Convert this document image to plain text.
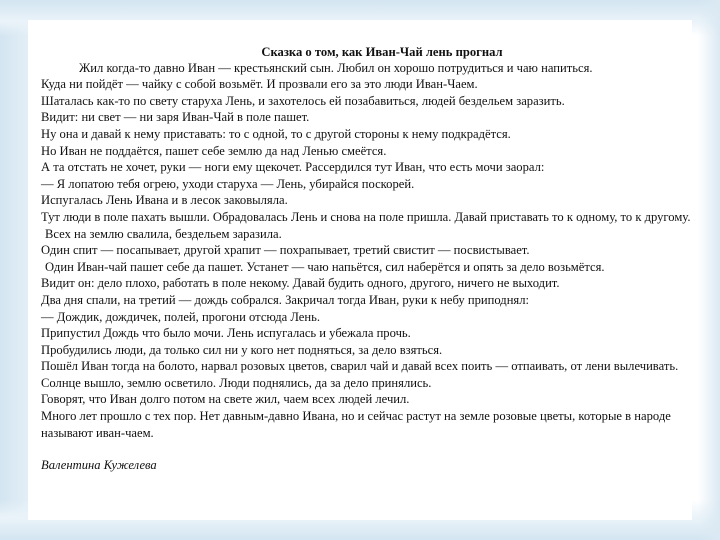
Сказка о том, как Иван-Чай лень прогнал

Жил когда-то давно Иван — крестьянский сын. Любил он хорошо потрудиться и чаю напиться.

Куда ни пойдёт — чайку с собой возьмёт. И прозвали его за это люди Иван-Чаем.

Шаталась как-то по свету старуха Лень, и захотелось ей позабавиться, людей бездельем заразить.

Видит: ни свет — ни заря Иван-Чай в поле пашет.

Ну она и давай к нему приставать: то с одной, то с другой стороны к нему подкрадётся.

Но Иван не поддаётся, пашет себе землю да над Ленью смеётся.

А та отстать не хочет, руки — ноги ему щекочет. Рассердился тут Иван, что есть мочи заорал:

— Я лопатою тебя огрею, уходи старуха — Лень, убирайся поскорей.

Испугалась Лень Ивана и в лесок заковыляла.

Тут люди в поле пахать вышли. Обрадовалась Лень и снова на поле пришла. Давай приставать то к одному, то к другому.

Всех на землю свалила, бездельем заразила.

Один спит — посапывает, другой храпит — похрапывает, третий свистит — посвистывает.

Один Иван-чай пашет себе да пашет. Устанет — чаю напьётся, сил наберётся и опять за дело возьмётся.

Видит он: дело плохо, работать в поле некому. Давай будить одного, другого, ничего не выходит.

Два дня спали, на третий — дождь собрался. Закричал тогда Иван, руки к небу приподнял:

— Дождик, дождичек, полей, прогони отсюда Лень.

Припустил Дождь что было мочи. Лень испугалась и убежала прочь.

Пробудились люди, да только сил ни у кого нет подняться, за дело взяться.

Пошёл Иван тогда на болото, нарвал розовых цветов, сварил чай и давай всех поить — отпаивать, от лени вылечивать.

Солнце вышло, землю осветило. Люди поднялись, да за дело принялись.

Говорят, что Иван долго потом на свете жил, чаем всех людей лечил.

Много лет прошло с тех пор. Нет давным-давно Ивана, но и сейчас растут на земле розовые цветы, которые в народе называют иван-чаем.

Валентина Кужелева
